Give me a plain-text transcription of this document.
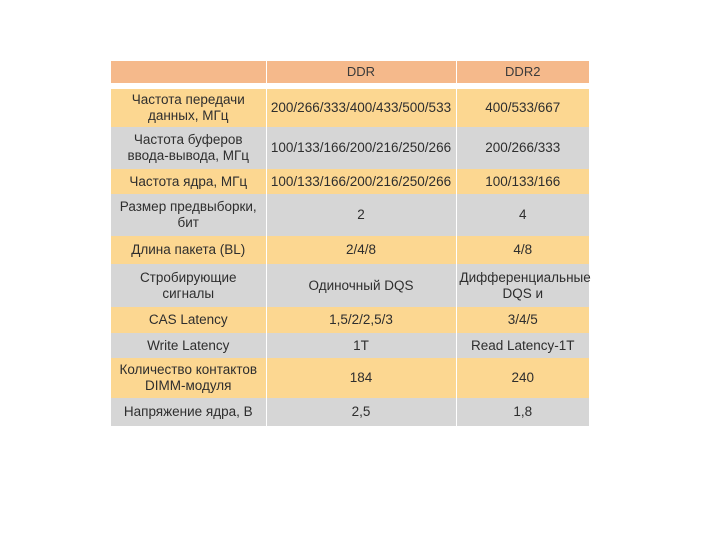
	DDR	DDR2

Частота передачи данных, МГц	200/266/333/400/433/500/533	400/533/667
Частота буферов ввода-вывода, МГц	100/133/166/200/216/250/266	200/266/333
Частота ядра, МГц	100/133/166/200/216/250/266	100/133/166
Размер предвыборки, бит	2	4
Длина пакета (BL)	2/4/8	4/8
Стробирующие сигналы	Одиночный DQS	Дифференциальные DQS и
CAS Latency	1,5/2/2,5/3	3/4/5
Write Latency	1T	Read Latency-1T
Количество контактов DIMM-модуля	184	240
Напряжение ядра, В	2,5	1,8
